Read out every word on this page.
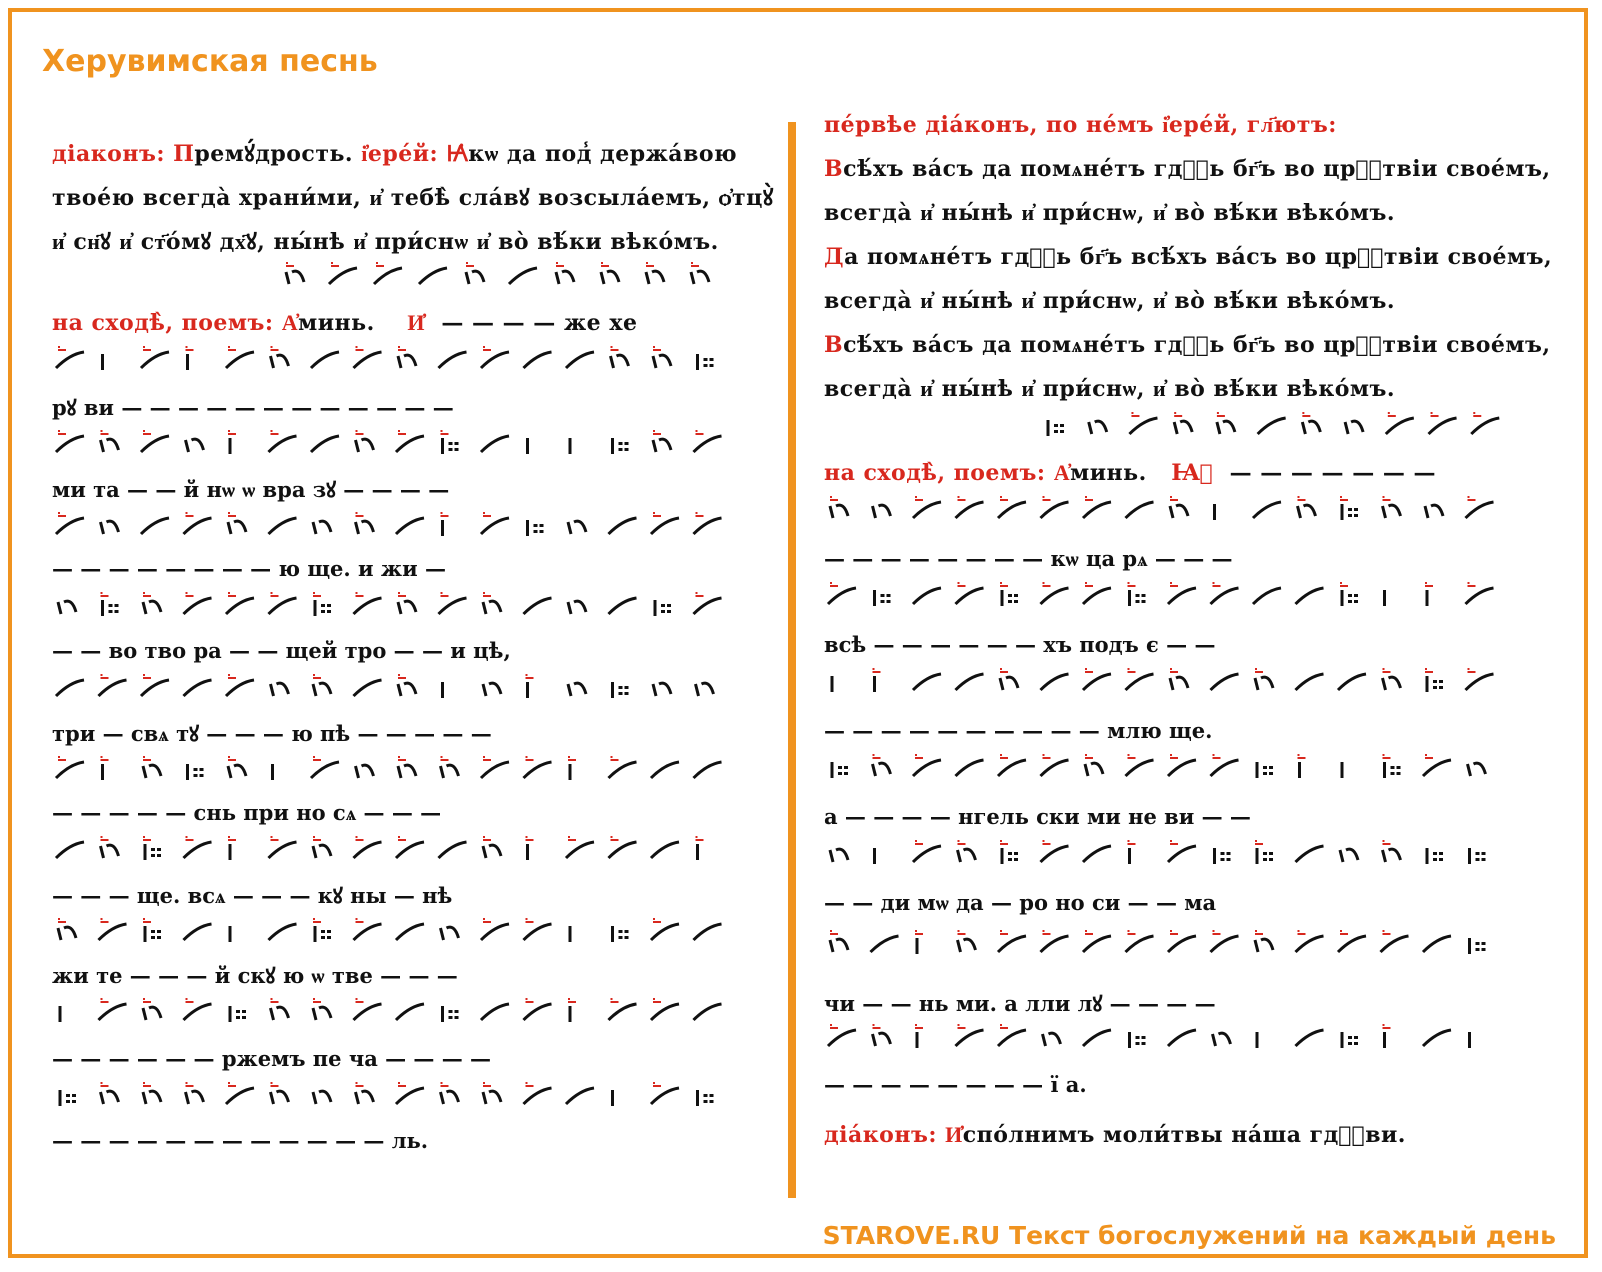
Херувимская песнь
діаконъ: Премꙋ́дрость. і҆ере́й: Ꙗ҆кѡ да под̾ держа́вою
твое́ю всегда̀ храни́ми, и҆ тебѣ̀ сла́вꙋ возсыла́емъ, ѻ҆тцꙋ̀
и҆ сн҃ꙋ и҆ ст҃о́мꙋ дх҃ꙋ, ны́нѣ и҆ при́снѡ и҆ во̀ вѣ́ки вѣко́мъ.
на сходѣ̀, поемъ: А҆минь. И҆ — — — — же хе
рꙋ ви — — — — — — — — — — — —
ми та — — й нѡ ѡ вра зꙋ — — — —
— — — — — — — — ю ще. и жи —
— — во тво ра — — щей тро — — и цѣ,
три — свѧ тꙋ — — — ю пѣ — — — — —
— — — — — снь при но сѧ — — —
— — — ще. всѧ — — — кꙋ ны — нѣ
жи те — — — й скꙋ ю ѡ тве — — —
— — — — — — ржемъ пе ча — — — —
— — — — — — — — — — — — ль.
пе́рвѣе діа́конъ, по не́мъ і҆ере́й, гл҃ютъ:
Всѣ́хъ ва́съ да помѧне́тъ гдⷭ҇ь бг҃ъ во црⷭ҇твіи свое́мъ,
всегда̀ и҆ ны́нѣ и҆ при́снѡ, и҆ во̀ вѣ́ки вѣко́мъ.
Да помѧне́тъ гдⷭ҇ь бг҃ъ всѣ́хъ ва́съ во црⷭ҇твіи свое́мъ,
всегда̀ и҆ ны́нѣ и҆ при́снѡ, и҆ во̀ вѣ́ки вѣко́мъ.
Всѣ́хъ ва́съ да помѧне́тъ гдⷭ҇ь бг҃ъ во црⷭ҇твіи свое́мъ,
всегда̀ и҆ ны́нѣ и҆ при́снѡ, и҆ во̀ вѣ́ки вѣко́мъ.
на сходѣ̀, поемъ: А҆минь. Ꙗ҆ — — — — — — —
— — — — — — — — кѡ ца рѧ — — —
всѣ — — — — — — хъ подъ є — —
— — — — — — — — — — млю ще.
а — — — — нгель ски ми не ви — —
— — ди мѡ да — ро но си — — ма
чи — — нь ми. а лли лꙋ — — — —
— — — — — — — — ї а.
діа́конъ: И҆спо́лнимъ моли́твы на́ша гдⷭ҇ви.
STAROVE.RU Текст богослужений на каждый день
